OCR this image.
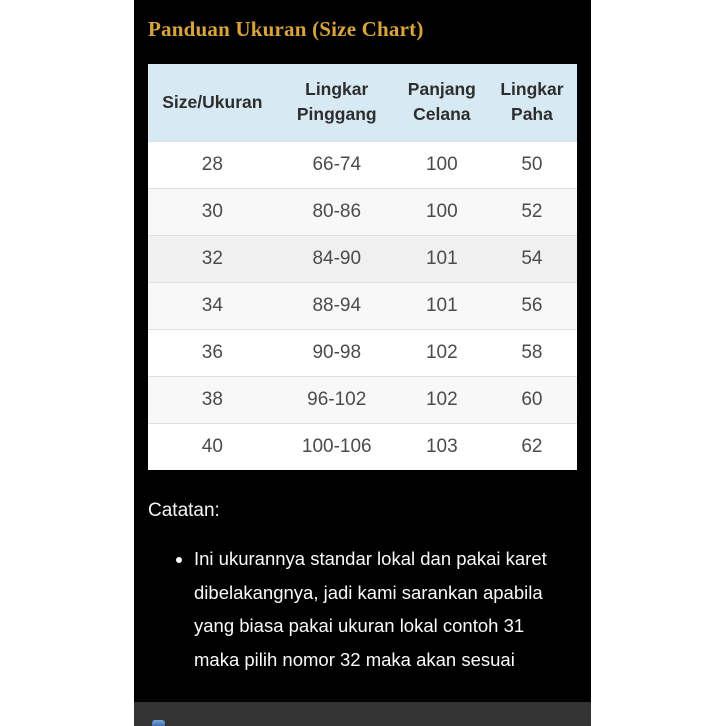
Panduan Ukuran (Size Chart)
Size/Ukuran	Lingkar Pinggang	Panjang Celana	Lingkar Paha
28	66-74	100	50
30	80-86	100	52
32	84-90	101	54
34	88-94	101	56
36	90-98	102	58
38	96-102	102	60
40	100-106	103	62
Catatan:
• Ini ukurannya standar lokal dan pakai karet dibelakangnya, jadi kami sarankan apabila yang biasa pakai ukuran lokal contoh 31 maka pilih nomor 32 maka akan sesuai
